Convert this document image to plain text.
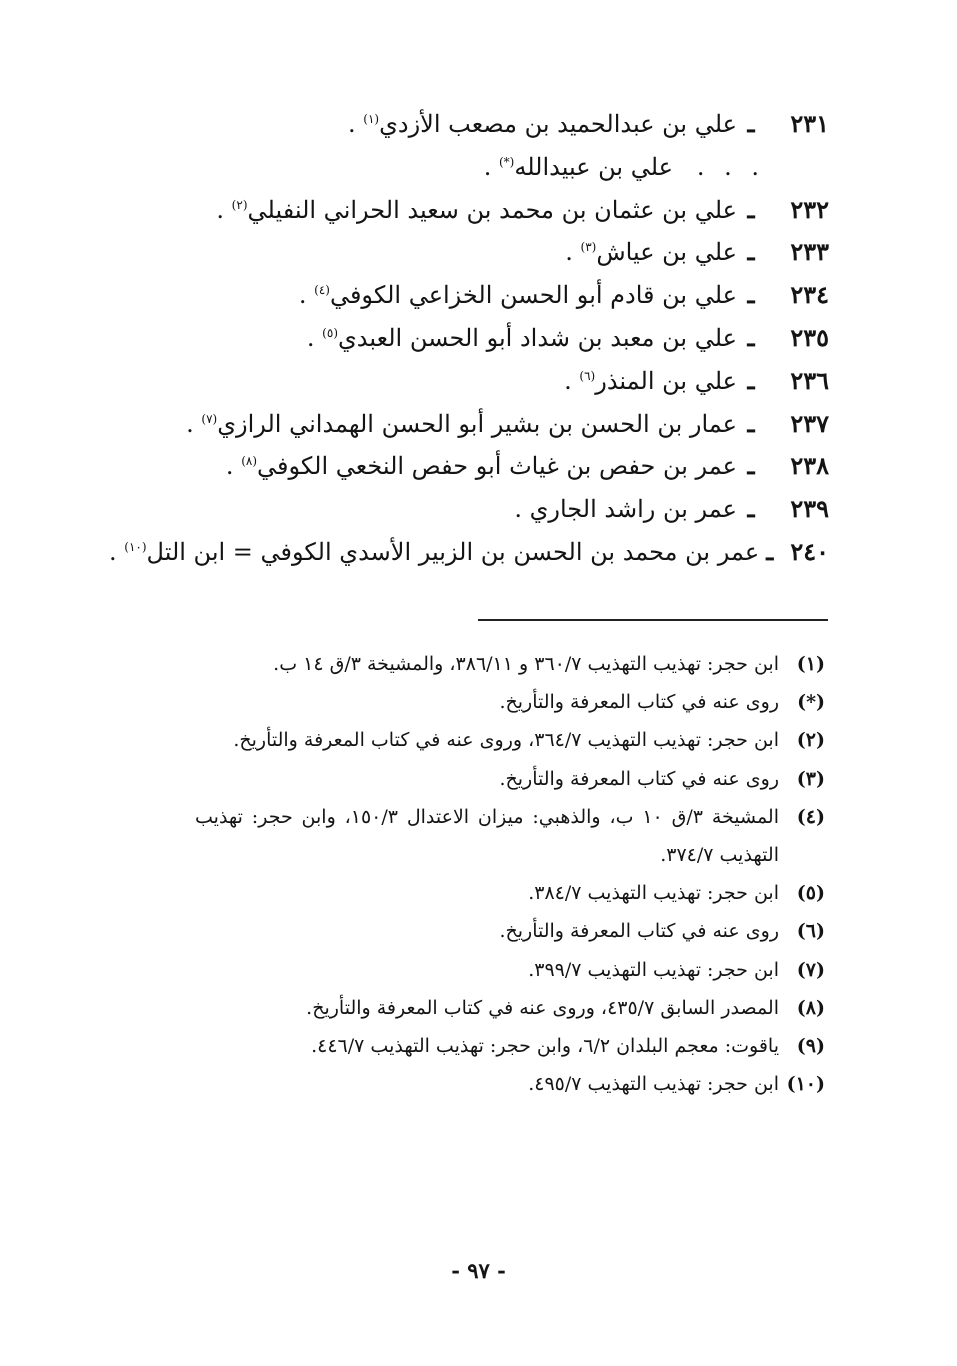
٢٣١
ـ
علي بن عبدالحميد بن مصعب الأزدي$^{(١)}$ .
. . .
علي بن عبيدالله(*) .
٢٣٢
ـ
علي بن عثمان بن محمد بن سعيد الحراني النفيلي$^{(٢)}$ .
٢٣٣
ـ
علي بن عياش$^{(٣)}$ .
٢٣٤
ـ
علي بن قادم أبو الحسن الخزاعي الكوفي$^{(٤)}$ .
٢٣٥
ـ
علي بن معبد بن شداد أبو الحسن العبدي$^{(٥)}$ .
٢٣٦
ـ
علي بن المنذر$^{(٦)}$ .
٢٣٧
ـ
عمار بن الحسن بن بشير أبو الحسن الهمداني الرازي$^{(٧)}$ .
٢٣٨
ـ
عمر بن حفص بن غياث أبو حفص النخعي الكوفي$^{(٨)}$ .
٢٣٩
ـ
عمر بن راشد الجاري .
٢٤٠
ـ
عمر بن محمد بن الحسن بن الزبير الأسدي الكوفي = ابن التل$^{(١٠)}$ .
(١)
ابن حجر: تهذيب التهذيب ٣٦٠/٧ و ٣٨٦/١١، والمشيخة ٣/ق ١٤ ب.
(*)
روى عنه في كتاب المعرفة والتأريخ.
(٢)
ابن حجر: تهذيب التهذيب ٣٦٤/٧، وروى عنه في كتاب المعرفة والتأريخ.
(٣)
روى عنه في كتاب المعرفة والتأريخ.
(٤)
المشيخة ٣/ق ١٠ ب، والذهبي: ميزان الاعتدال ١٥٠/٣، وابن حجر: تهذيب التهذيب ٣٧٤/٧.
(٥)
ابن حجر: تهذيب التهذيب ٣٨٤/٧.
(٦)
روى عنه في كتاب المعرفة والتأريخ.
(٧)
ابن حجر: تهذيب التهذيب ٣٩٩/٧.
(٨)
المصدر السابق ٤٣٥/٧، وروى عنه في كتاب المعرفة والتأريخ.
(٩)
ياقوت: معجم البلدان ٦/٢، وابن حجر: تهذيب التهذيب ٤٤٦/٧.
(١٠)
ابن حجر: تهذيب التهذيب ٤٩٥/٧.
- ٩٧ -
